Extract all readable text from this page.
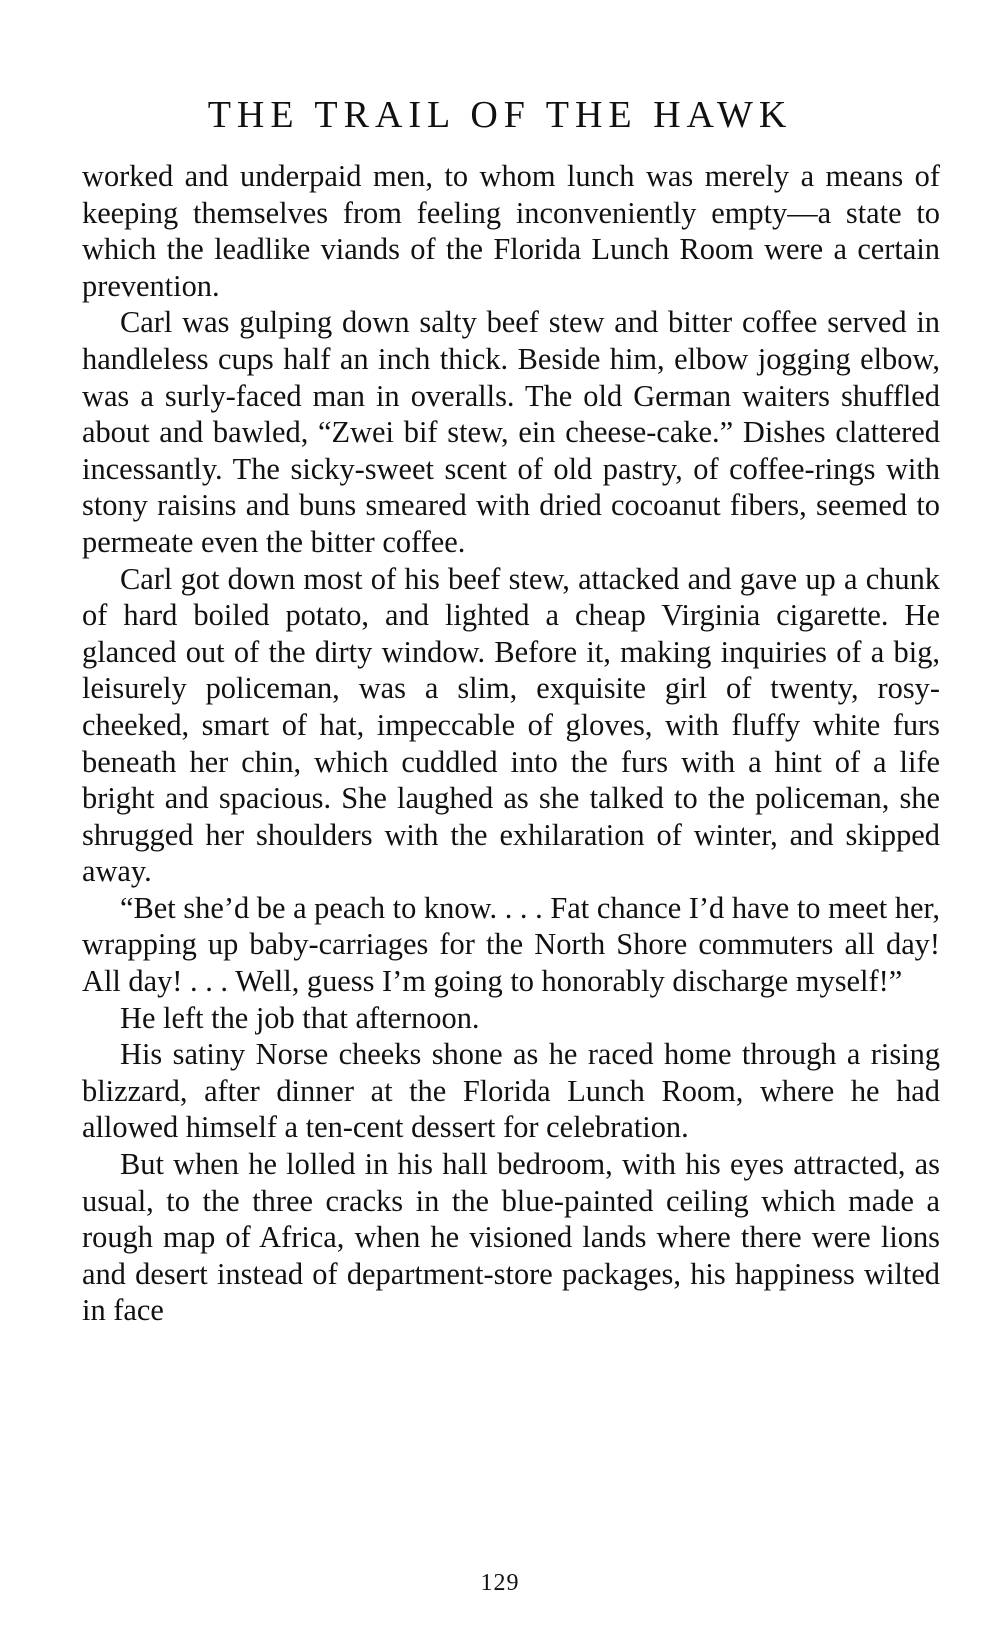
THE TRAIL OF THE HAWK

worked and underpaid men, to whom lunch was merely a means of keeping themselves from feeling inconveniently empty—a state to which the leadlike viands of the Florida Lunch Room were a certain prevention.

Carl was gulping down salty beef stew and bitter coffee served in handleless cups half an inch thick. Beside him, elbow jogging elbow, was a surly-faced man in overalls. The old German waiters shuffled about and bawled, “Zwei bif stew, ein cheese-cake.” Dishes clattered incessantly. The sicky-sweet scent of old pastry, of coffee-rings with stony raisins and buns smeared with dried cocoanut fibers, seemed to permeate even the bitter coffee.

Carl got down most of his beef stew, attacked and gave up a chunk of hard boiled potato, and lighted a cheap Virginia cigarette. He glanced out of the dirty window. Before it, making inquiries of a big, leisurely policeman, was a slim, exquisite girl of twenty, rosy-cheeked, smart of hat, impeccable of gloves, with fluffy white furs beneath her chin, which cuddled into the furs with a hint of a life bright and spacious. She laughed as she talked to the policeman, she shrugged her shoulders with the exhilaration of winter, and skipped away.

“Bet she’d be a peach to know. . . . Fat chance I’d have to meet her, wrapping up baby-carriages for the North Shore commuters all day! All day! . . . Well, guess I’m going to honorably discharge myself!”

He left the job that afternoon.

His satiny Norse cheeks shone as he raced home through a rising blizzard, after dinner at the Florida Lunch Room, where he had allowed himself a ten-cent dessert for celebration.

But when he lolled in his hall bedroom, with his eyes attracted, as usual, to the three cracks in the blue-painted ceiling which made a rough map of Africa, when he visioned lands where there were lions and desert instead of department-store packages, his happiness wilted in face

129
